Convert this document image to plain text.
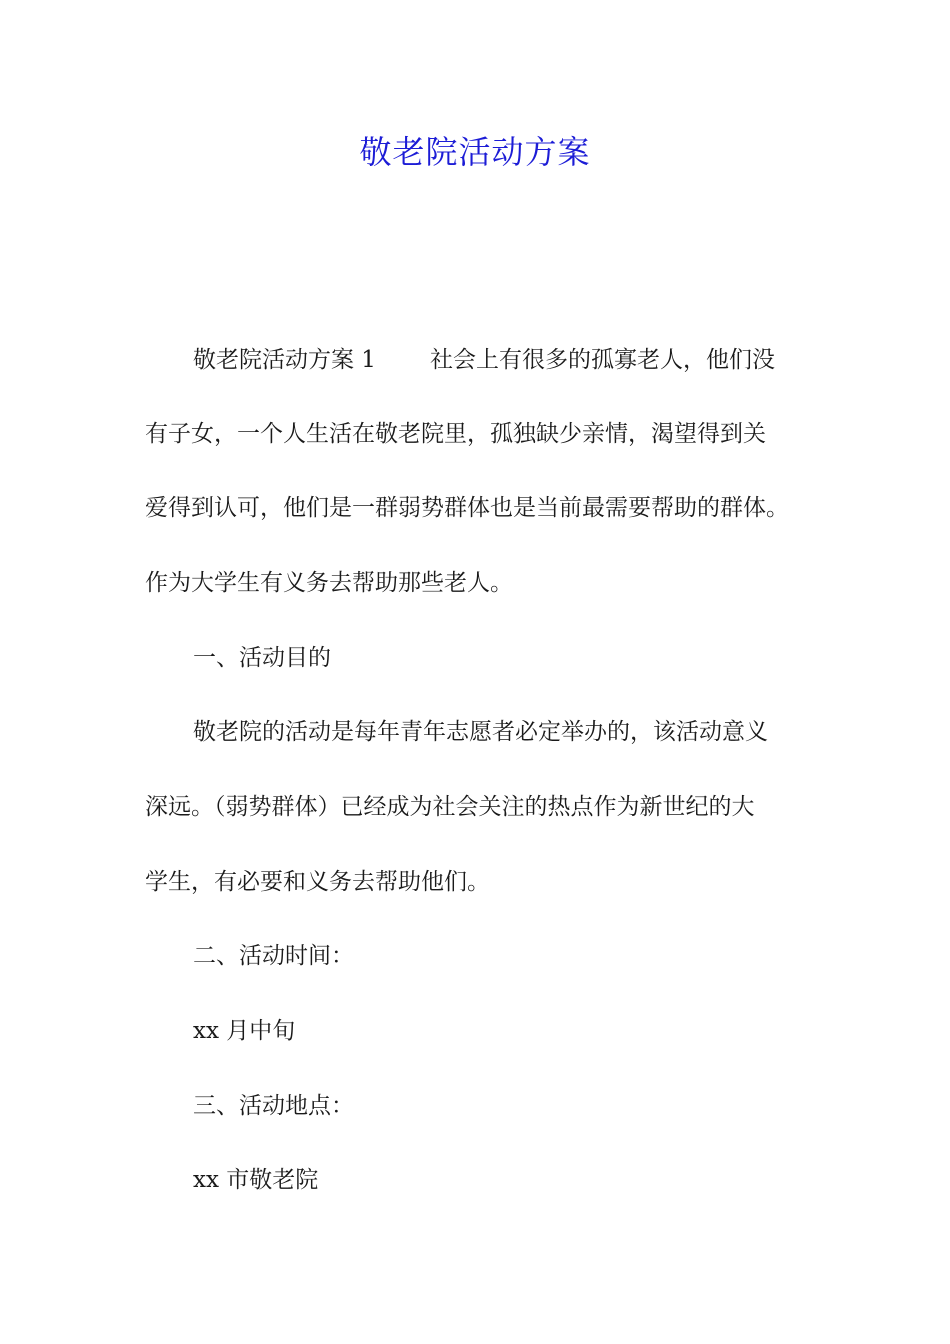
敬老院活动方案
敬老院活动方案 1 社会上有很多的孤寡老人，他们没
有子女，一个人生活在敬老院里，孤独缺少亲情，渴望得到关
爱得到认可，他们是一群弱势群体也是当前最需要帮助的群体。
作为大学生有义务去帮助那些老人。
一、活动目的
敬老院的活动是每年青年志愿者必定举办的，该活动意义
深远。（弱势群体）已经成为社会关注的热点作为新世纪的大
学生，有必要和义务去帮助他们。
二、活动时间：
xx 月中旬
三、活动地点：
xx 市敬老院
